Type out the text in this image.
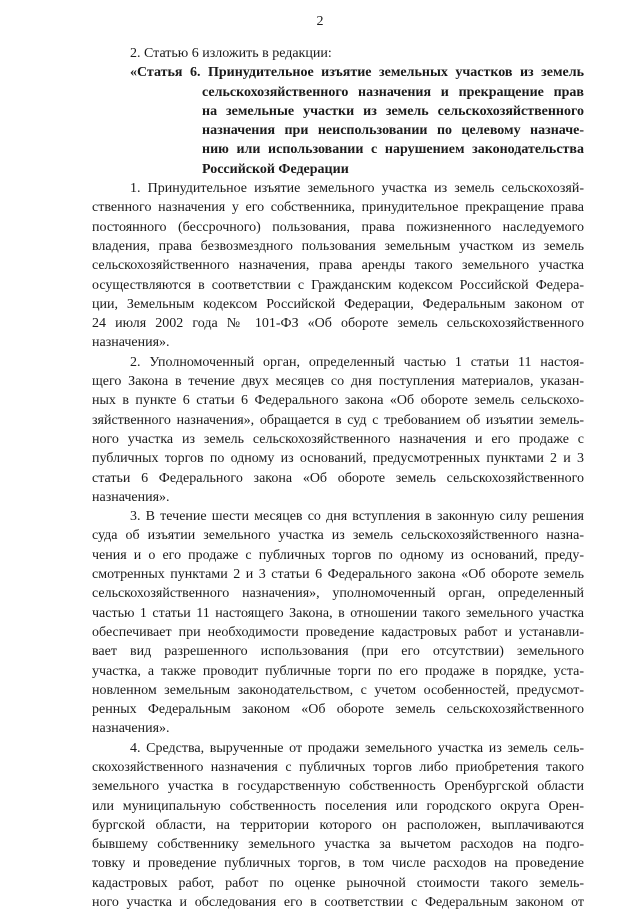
2
2. Статью 6 изложить в редакции:
«Статья 6. Принудительное изъятие земельных участков из земель
сельскохозяйственного назначения и прекращение прав
на земельные участки из земель сельскохозяйственного
назначения при неиспользовании по целевому назначе-
нию или использовании с нарушением законодательства
Российской Федерации
1. Принудительное изъятие земельного участка из земель сельскохозяй-
ственного назначения у его собственника, принудительное прекращение права
постоянного (бессрочного) пользования, права пожизненного наследуемого
владения, права безвозмездного пользования земельным участком из земель
сельскохозяйственного назначения, права аренды такого земельного участка
осуществляются в соответствии с Гражданским кодексом Российской Федера-
ции, Земельным кодексом Российской Федерации, Федеральным законом от
24 июля 2002 года № 101-ФЗ «Об обороте земель сельскохозяйственного
назначения».
2. Уполномоченный орган, определенный частью 1 статьи 11 настоя-
щего Закона в течение двух месяцев со дня поступления материалов, указан-
ных в пункте 6 статьи 6 Федерального закона «Об обороте земель сельскохо-
зяйственного назначения», обращается в суд с требованием об изъятии земель-
ного участка из земель сельскохозяйственного назначения и его продаже с
публичных торгов по одному из оснований, предусмотренных пунктами 2 и 3
статьи 6 Федерального закона «Об обороте земель сельскохозяйственного
назначения».
3. В течение шести месяцев со дня вступления в законную силу решения
суда об изъятии земельного участка из земель сельскохозяйственного назна-
чения и о его продаже с публичных торгов по одному из оснований, преду-
смотренных пунктами 2 и 3 статьи 6 Федерального закона «Об обороте земель
сельскохозяйственного назначения», уполномоченный орган, определенный
частью 1 статьи 11 настоящего Закона, в отношении такого земельного участка
обеспечивает при необходимости проведение кадастровых работ и устанавли-
вает вид разрешенного использования (при его отсутствии) земельного
участка, а также проводит публичные торги по его продаже в порядке, уста-
новленном земельным законодательством, с учетом особенностей, предусмот-
ренных Федеральным законом «Об обороте земель сельскохозяйственного
назначения».
4. Средства, вырученные от продажи земельного участка из земель сель-
скохозяйственного назначения с публичных торгов либо приобретения такого
земельного участка в государственную собственность Оренбургской области
или муниципальную собственность поселения или городского округа Орен-
бургской области, на территории которого он расположен, выплачиваются
бывшему собственнику земельного участка за вычетом расходов на подго-
товку и проведение публичных торгов, в том числе расходов на проведение
кадастровых работ, работ по оценке рыночной стоимости такого земель-
ного участка и обследования его в соответствии с Федеральным законом от
